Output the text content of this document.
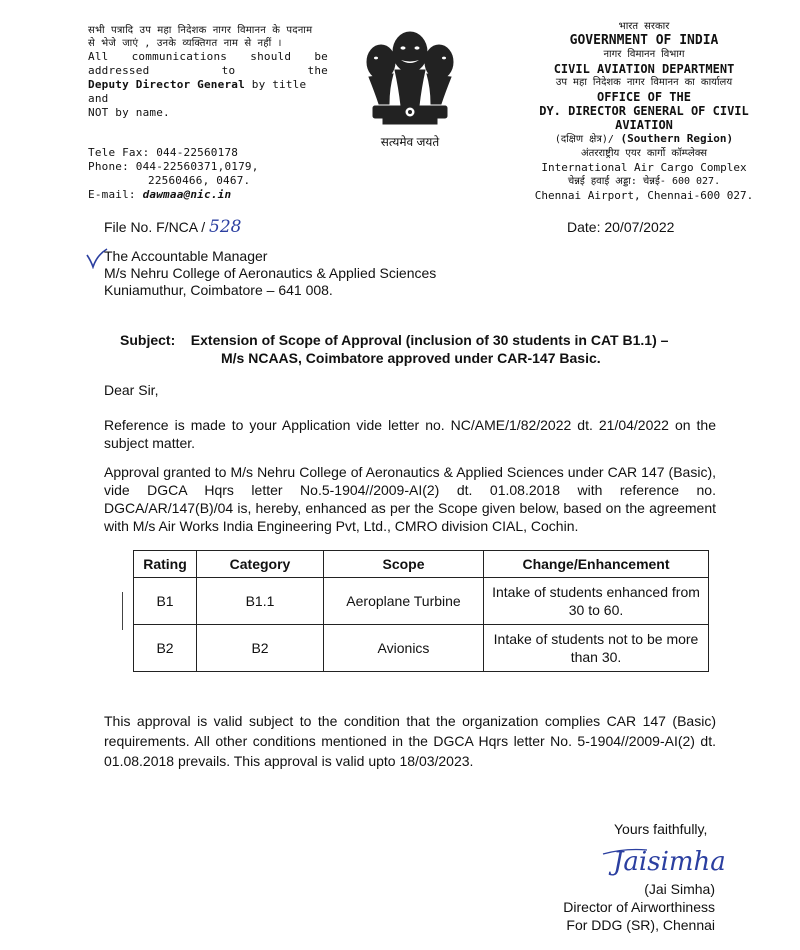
सभी पत्रादि उप महा निदेशक नागर विमानन के पदनाम
से भेजे जाएं , उनके व्यक्तिगत नाम से नहीं ।
All communications should be
addressed to the
Deputy Director General by title and
NOT by name.
Tele Fax: 044-22560178
Phone: 044-22560371,0179,
22560466, 0467.
E-mail: dawmaa@nic.in
सत्यमेव जयते
भारत सरकार
GOVERNMENT OF INDIA
नागर विमानन विभाग
CIVIL AVIATION DEPARTMENT
उप महा निदेशक नागर विमानन का कार्यालय
OFFICE OF THE
DY. DIRECTOR GENERAL OF CIVIL
AVIATION
(दक्षिण क्षेत्र)/ (Southern Region)
अंतरराष्ट्रीय एयर कार्गो कॉम्प्लेक्स
International Air Cargo Complex
चेन्नई हवाई अड्डा: चेन्नई- 600 027.
Chennai Airport, Chennai-600 027.
File No. F/NCA / 528	Date: 20/07/2022
The Accountable Manager
M/s Nehru College of Aeronautics & Applied Sciences
Kuniamuthur, Coimbatore – 641 008.
Subject: Extension of Scope of Approval (inclusion of 30 students in CAT B1.1) –
M/s NCAAS, Coimbatore approved under CAR-147 Basic.
Dear Sir,
Reference is made to your Application vide letter no. NC/AME/1/82/2022 dt. 21/04/2022 on the subject matter.
Approval granted to M/s Nehru College of Aeronautics & Applied Sciences under CAR 147 (Basic), vide DGCA Hqrs letter No.5-1904//2009-AI(2) dt. 01.08.2018 with reference no. DGCA/AR/147(B)/04 is, hereby, enhanced as per the Scope given below, based on the agreement with M/s Air Works India Engineering Pvt, Ltd., CMRO division CIAL, Cochin.
Rating	Category	Scope	Change/Enhancement
B1	B1.1	Aeroplane Turbine	Intake of students enhanced from 30 to 60.
B2	B2	Avionics	Intake of students not to be more than 30.
This approval is valid subject to the condition that the organization complies CAR 147 (Basic) requirements. All other conditions mentioned in the DGCA Hqrs letter No. 5-1904//2009-AI(2) dt. 01.08.2018 prevails. This approval is valid upto 18/03/2023.
Yours faithfully,
Jaisimha
(Jai Simha)
Director of Airworthiness
For DDG (SR), Chennai
